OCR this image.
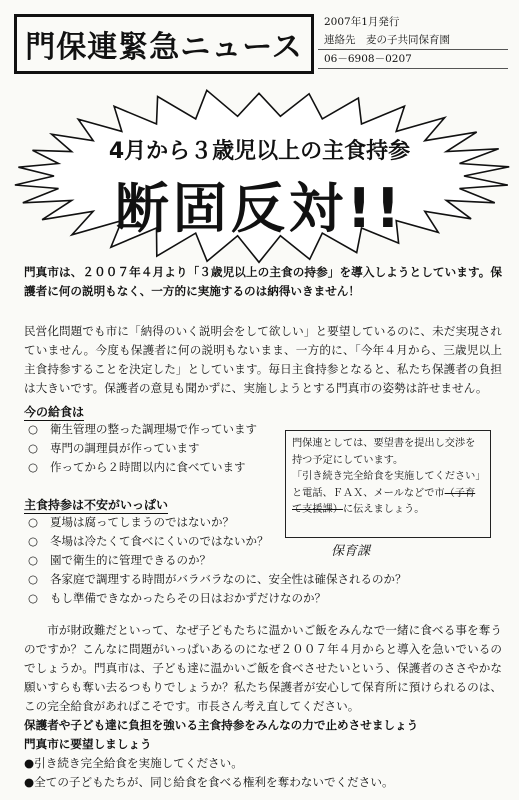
門保連緊急ニュース
2007年1月発行
連絡先　麦の子共同保育園
06－6908－0207
4月から３歳児以上の主食持参
断固反対!!

門真市は、２００７年４月より「３歳児以上の主食の持参」を導入しようとしています。保護者に何の説明もなく、一方的に実施するのは納得いきません！

民営化問題でも市に「納得のいく説明会をして欲しい」と要望しているのに、未だ実現されていません。今度も保護者に何の説明もないまま、一方的に、「今年４月から、三歳児以上主食持参することを決定した」としています。毎日主食持参となると、私たち保護者の負担は大きいです。保護者の意見も聞かずに、実施しようとする門真市の姿勢は許せません。

今の給食は
○ 衛生管理の整った調理場で作っています
○ 専門の調理員が作っています
○ 作ってから２時間以内に食べています
門保連としては、要望書を提出し交渉を持つ予定にしています。
「引き続き完全給食を実施してください」と電話、ＦＡＸ、メールなどで市（子育て支援課）に伝えましょう。
保育課
主食持参は不安がいっぱい
○ 夏場は腐ってしまうのではないか？
○ 冬場は冷たくて食べにくいのではないか？
○ 園で衛生的に管理できるのか？
○ 各家庭で調理する時間がバラバラなのに、安全性は確保されるのか？
○ もし準備できなかったらその日はおかずだけなのか？

市が財政難だといって、なぜ子どもたちに温かいご飯をみんなで一緒に食べる事を奪うのですか？こんなに問題がいっぱいあるのになぜ２００７年４月からと導入を急いでいるのでしょうか。門真市は、子ども達に温かいご飯を食べさせたいという、保護者のささやかな願いすらも奪い去るつもりでしょうか？私たち保護者が安心して保育所に預けられるのは、この完全給食があればこそです。市長さん考え直してください。

保護者や子ども達に負担を強いる主食持参をみんなの力で止めさせましょう
門真市に要望しましょう
●引き続き完全給食を実施してください。
●全ての子どもたちが、同じ給食を食べる権利を奪わないでください。
